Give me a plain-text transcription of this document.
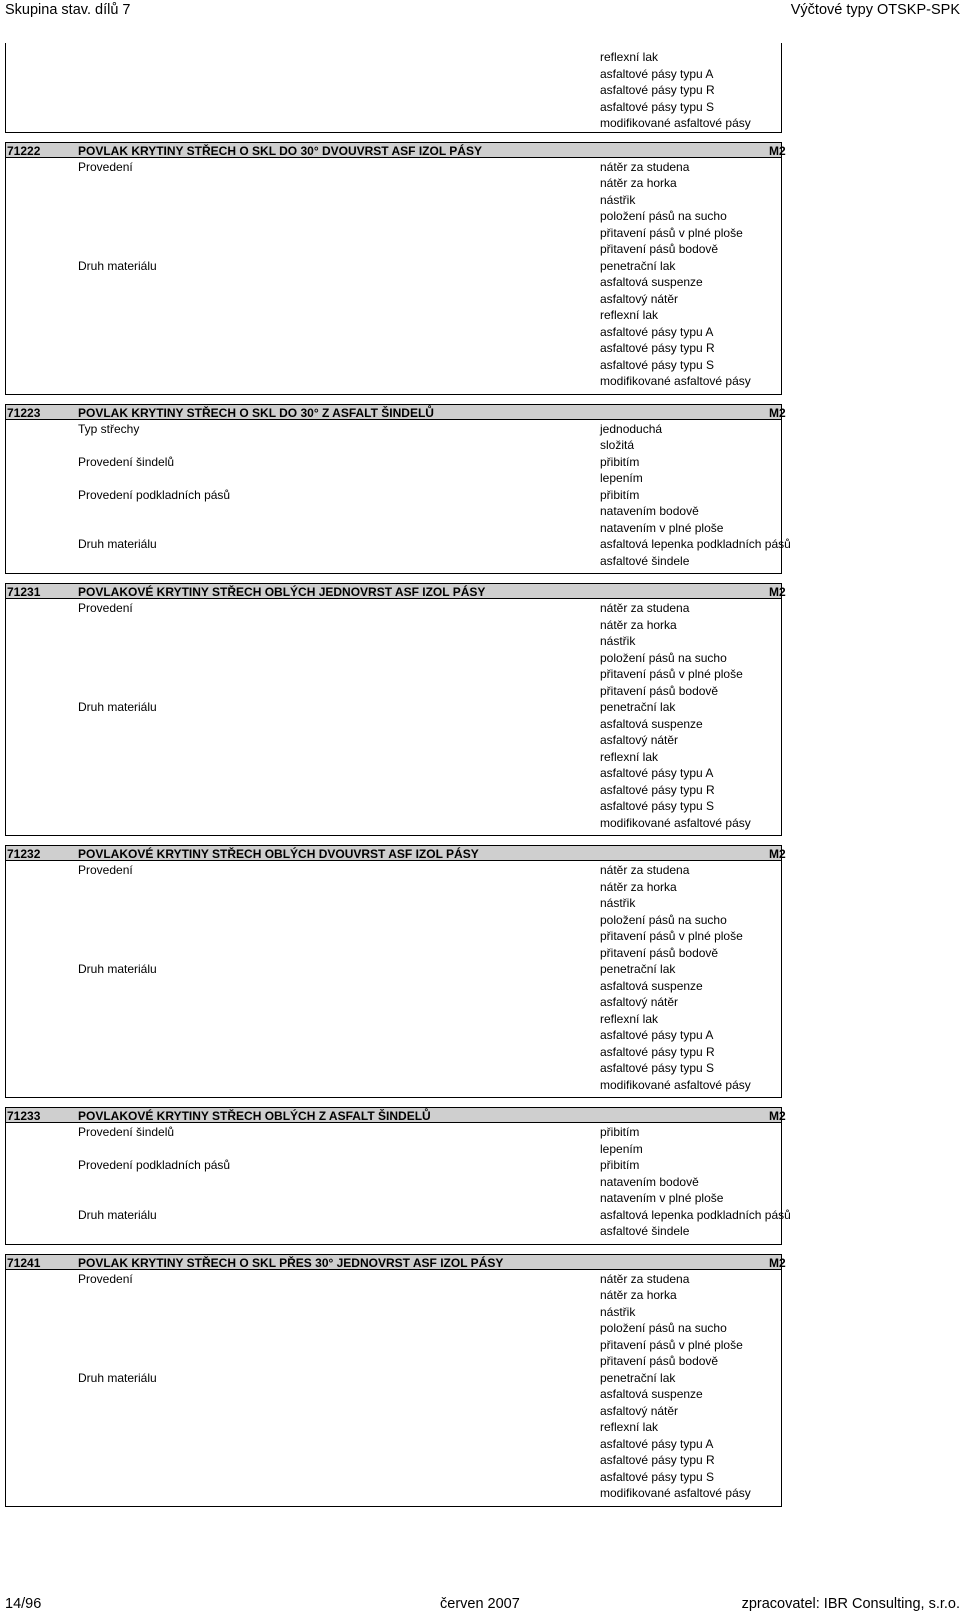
Skupina stav. dílů 7	Výčtové typy OTSKP-SPK
reflexní lak
asfaltové pásy typu A
asfaltové pásy typu R
asfaltové pásy typu S
modifikované asfaltové pásy
71222	POVLAK KRYTINY STŘECH O SKL DO 30° DVOUVRST ASF IZOL PÁSY	M2
Provedení	nátěr za studena
nátěr za horka
nástřik
položení pásů na sucho
přitavení pásů v plné ploše
přitavení pásů bodově
Druh materiálu	penetrační lak
asfaltová suspenze
asfaltový nátěr
reflexní lak
asfaltové pásy typu A
asfaltové pásy typu R
asfaltové pásy typu S
modifikované asfaltové pásy
71223	POVLAK KRYTINY STŘECH O SKL DO 30° Z ASFALT ŠINDELŮ	M2
Typ střechy	jednoduchá
složitá
Provedení šindelů	přibitím
lepením
Provedení podkladních pásů	přibitím
natavením bodově
natavením v plné ploše
Druh materiálu	asfaltová lepenka podkladních pásů
asfaltové šindele
71231	POVLAKOVÉ KRYTINY STŘECH OBLÝCH JEDNOVRST ASF IZOL PÁSY	M2
Provedení	nátěr za studena
nátěr za horka
nástřik
položení pásů na sucho
přitavení pásů v plné ploše
přitavení pásů bodově
Druh materiálu	penetrační lak
asfaltová suspenze
asfaltový nátěr
reflexní lak
asfaltové pásy typu A
asfaltové pásy typu R
asfaltové pásy typu S
modifikované asfaltové pásy
71232	POVLAKOVÉ KRYTINY STŘECH OBLÝCH DVOUVRST ASF IZOL PÁSY	M2
Provedení	nátěr za studena
nátěr za horka
nástřik
položení pásů na sucho
přitavení pásů v plné ploše
přitavení pásů bodově
Druh materiálu	penetrační lak
asfaltová suspenze
asfaltový nátěr
reflexní lak
asfaltové pásy typu A
asfaltové pásy typu R
asfaltové pásy typu S
modifikované asfaltové pásy
71233	POVLAKOVÉ KRYTINY STŘECH OBLÝCH Z ASFALT ŠINDELŮ	M2
Provedení šindelů	přibitím
lepením
Provedení podkladních pásů	přibitím
natavením bodově
natavením v plné ploše
Druh materiálu	asfaltová lepenka podkladních pásů
asfaltové šindele
71241	POVLAK KRYTINY STŘECH O SKL PŘES 30° JEDNOVRST ASF IZOL PÁSY	M2
Provedení	nátěr za studena
nátěr za horka
nástřik
položení pásů na sucho
přitavení pásů v plné ploše
přitavení pásů bodově
Druh materiálu	penetrační lak
asfaltová suspenze
asfaltový nátěr
reflexní lak
asfaltové pásy typu A
asfaltové pásy typu R
asfaltové pásy typu S
modifikované asfaltové pásy
14/96	červen 2007	zpracovatel: IBR Consulting, s.r.o.
